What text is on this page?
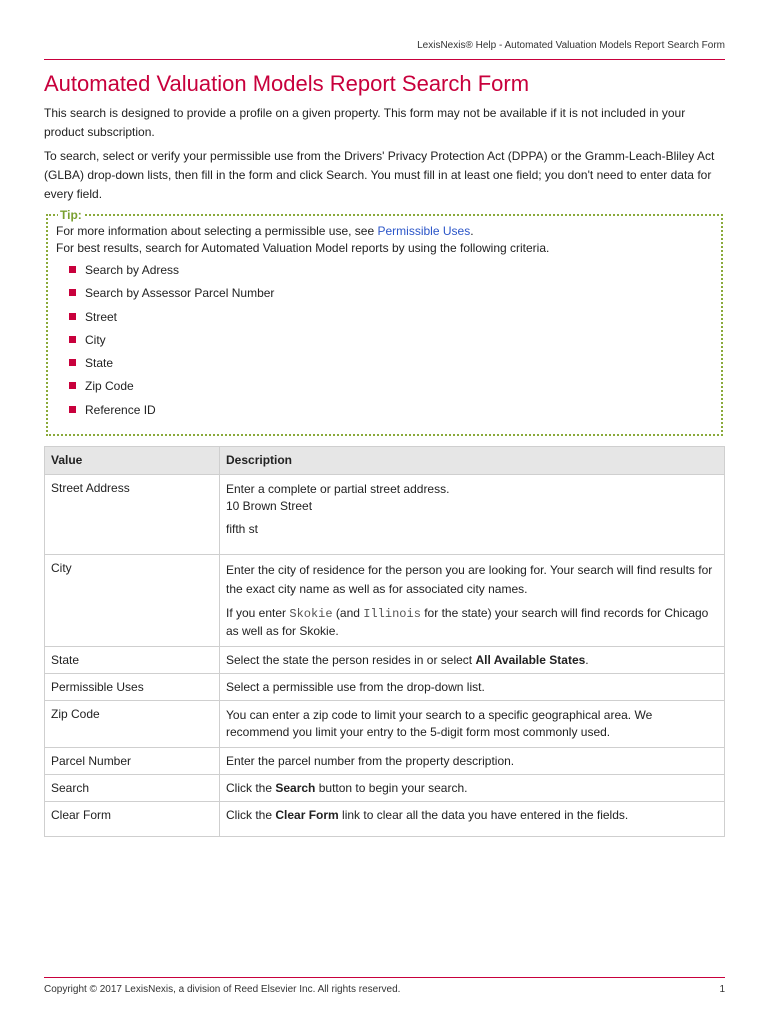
LexisNexis® Help - Automated Valuation Models Report Search Form
Automated Valuation Models Report Search Form

This search is designed to provide a profile on a given property. This form may not be available if it is not included in your product subscription.

To search, select or verify your permissible use from the Drivers' Privacy Protection Act (DPPA) or the Gramm-Leach-Bliley Act (GLBA) drop-down lists, then fill in the form and click Search. You must fill in at least one field; you don't need to enter data for every field.

Tip:
For more information about selecting a permissible use, see Permissible Uses.
For best results, search for Automated Valuation Model reports by using the following criteria.
Search by Adress
Search by Assessor Parcel Number
Street
City
State
Zip Code
Reference ID
Value	Description
Street Address	Enter a complete or partial street address.
10 Brown Street
fifth st

City	Enter the city of residence for the person you are looking for. Your search will find results for the exact city name as well as for associated city names.
If you enter Skokie (and Illinois for the state) your search will find records for Chicago as well as for Skokie.

State	Select the state the person resides in or select All Available States.
Permissible Uses	Select a permissible use from the drop-down list.
Zip Code	You can enter a zip code to limit your search to a specific geographical area. We recommend you limit your entry to the 5-digit form most commonly used.
Parcel Number	Enter the parcel number from the property description.
Search	Click the Search button to begin your search.
Clear Form	Click the Clear Form link to clear all the data you have entered in the fields.
Copyright © 2017 LexisNexis, a division of Reed Elsevier Inc. All rights reserved.	1
